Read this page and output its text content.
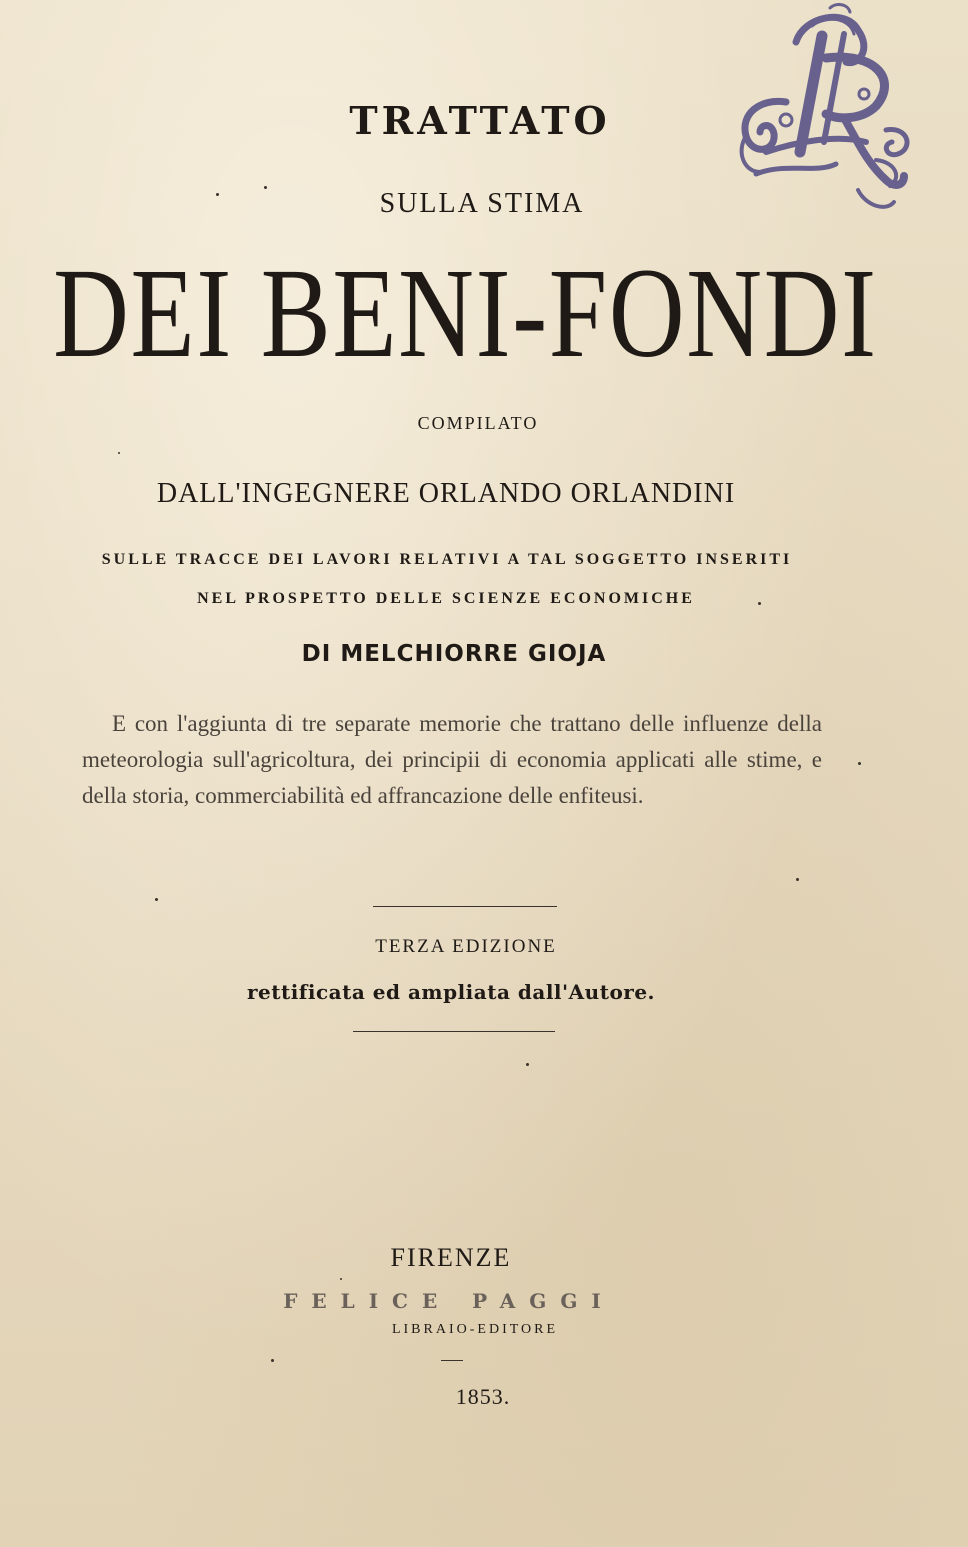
TRATTATO
SULLA STIMA
DEI BENI-FONDI
COMPILATO
DALL'INGEGNERE ORLANDO ORLANDINI
SULLE TRACCE DEI LAVORI RELATIVI A TAL SOGGETTO INSERITI
NEL PROSPETTO DELLE SCIENZE ECONOMICHE
DI MELCHIORRE GIOJA
E con l'aggiunta di tre separate memorie che trattano delle influenze della meteorologia sull'agricoltura, dei principii di economia applicati alle stime, e della storia, commerciabilità ed affrancazione delle enfiteusi.
TERZA EDIZIONE
rettificata ed ampliata dall'Autore.
FIRENZE
FELICE PAGGI
LIBRAIO-EDITORE
1853.
